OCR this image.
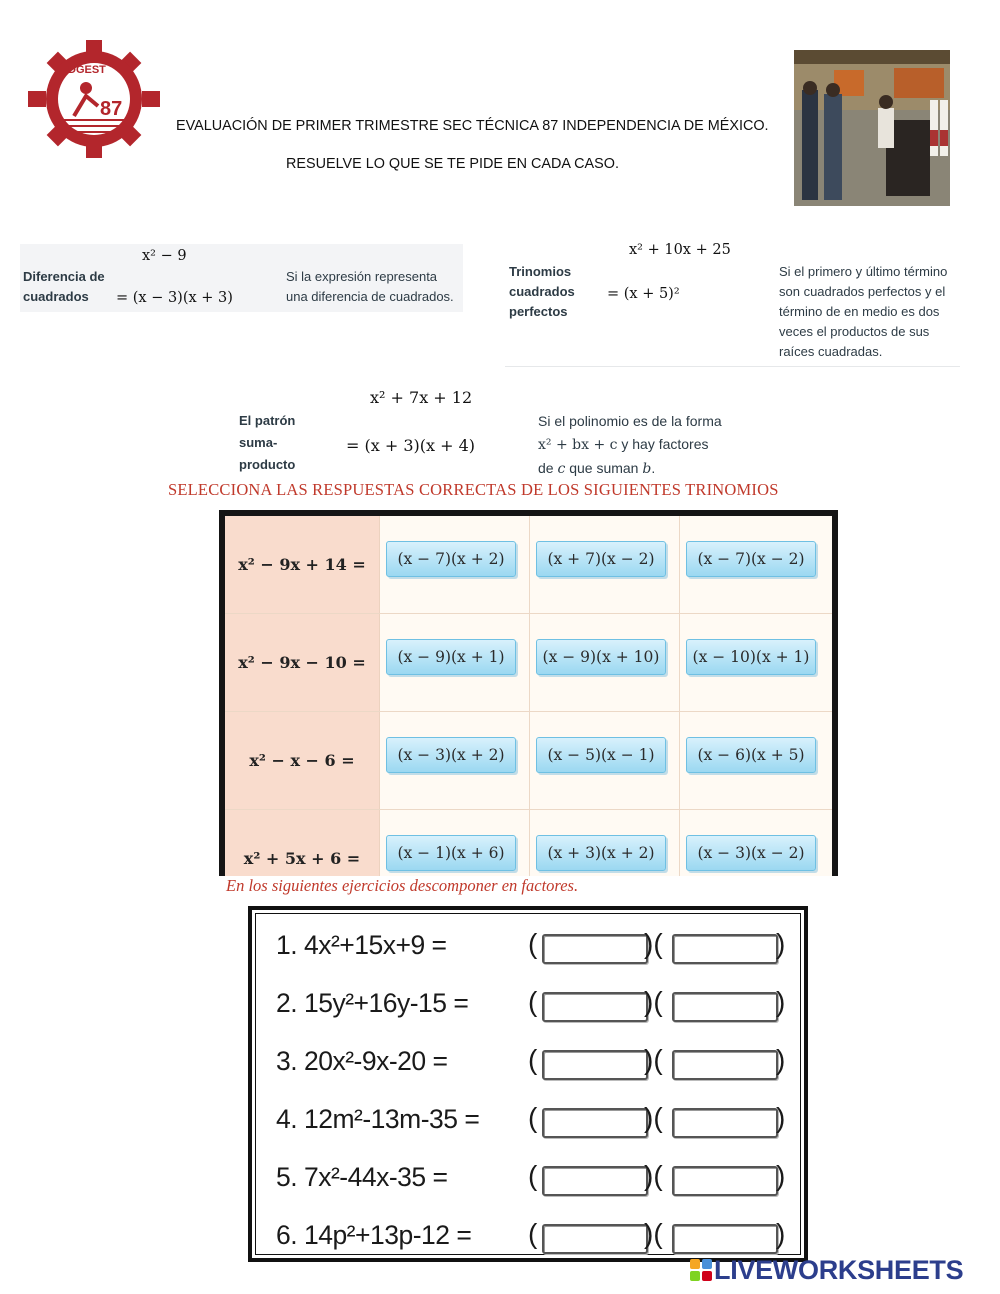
DGEST
87
EVALUACIÓN DE PRIMER TRIMESTRE SEC TÉCNICA 87 INDEPENDENCIA DE MÉXICO.
RESUELVE LO QUE SE TE PIDE EN CADA CASO.
Diferencia de cuadrados
x² − 9
= (x − 3)(x + 3)
Si la expresión representa una diferencia de cuadrados.
Trinomios cuadrados perfectos
x² + 10x + 25
= (x + 5)²
Si el primero y último término son cuadrados perfectos y el término de en medio es dos veces el productos de sus raíces cuadradas.
El patrón suma-producto
x² + 7x + 12
= (x + 3)(x + 4)
Si el polinomio es de la forma
x² + bx + c y hay factores
de c que suman b.
SELECCIONA LAS RESPUESTAS CORRECTAS DE LOS SIGUIENTES TRINOMIOS
x² − 9x + 14 =	(x − 7)(x + 2)	(x + 7)(x − 2)	(x − 7)(x − 2)
x² − 9x − 10 =	(x − 9)(x + 1)	(x − 9)(x + 10)	(x − 10)(x + 1)
x² − x − 6 =	(x − 3)(x + 2)	(x − 5)(x − 1)	(x − 6)(x + 5)
x² + 5x + 6 =	(x − 1)(x + 6)	(x + 3)(x + 2)	(x − 3)(x − 2)
En los siguientes ejercicios descomponer en factores.
1. 4x²+15x+9 =	(	)(	)
2. 15y²+16y-15 = (	)(	)
3. 20x²-9x-20 =	(	)(	)
4. 12m²-13m-35 = (	)(	)
5. 7x²-44x-35 =	(	)(	)
6. 14p²+13p-12 = (	)(	)
LIVEWORKSHEETS
